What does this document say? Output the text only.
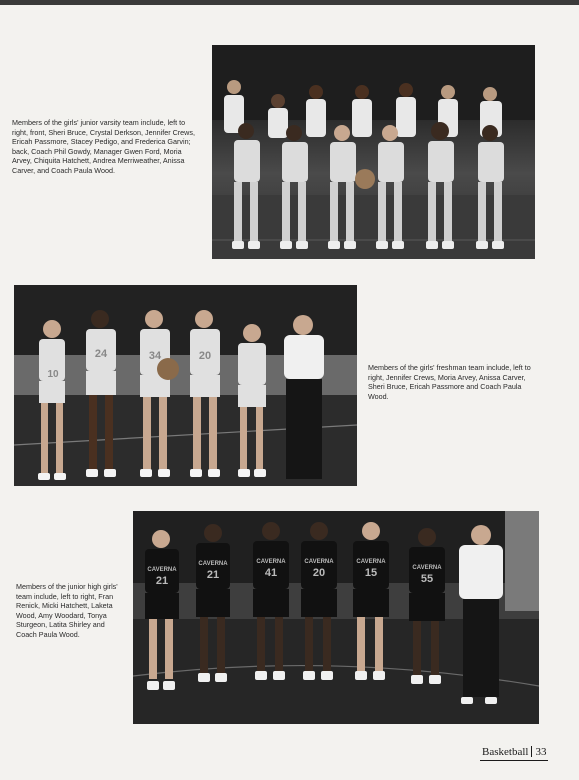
Members of the girls' junior varsity team include, left to right, front, Sheri Bruce, Crystal Derkson, Jennifer Crews, Ericah Passmore, Stacey Pedigo, and Frederica Garvin; back, Coach Phil Gowdy, Manager Gwen Ford, Moria Arvey, Chiquita Hatchett, Andrea Merriweather, Anissa Carver, and Coach Paula Wood.
10
24	34	20
Members of the girls' freshman team include, left to right, Jennifer Crews, Moria Arvey, Anissa Carver, Sheri Bruce, Ericah Passmore and Coach Paula Wood.
CAVERNA
21
CAVERNA
21
CAVERNA
41
CAVERNA
20
CAVERNA
15	CAVERNA
55
Members of the junior high girls' team include, left to right, Fran Renick, Micki Hatchett, Laketa Wood, Amy Woodard, Tonya Sturgeon, Latita Shirley and Coach Paula Wood.
Basketball 33
